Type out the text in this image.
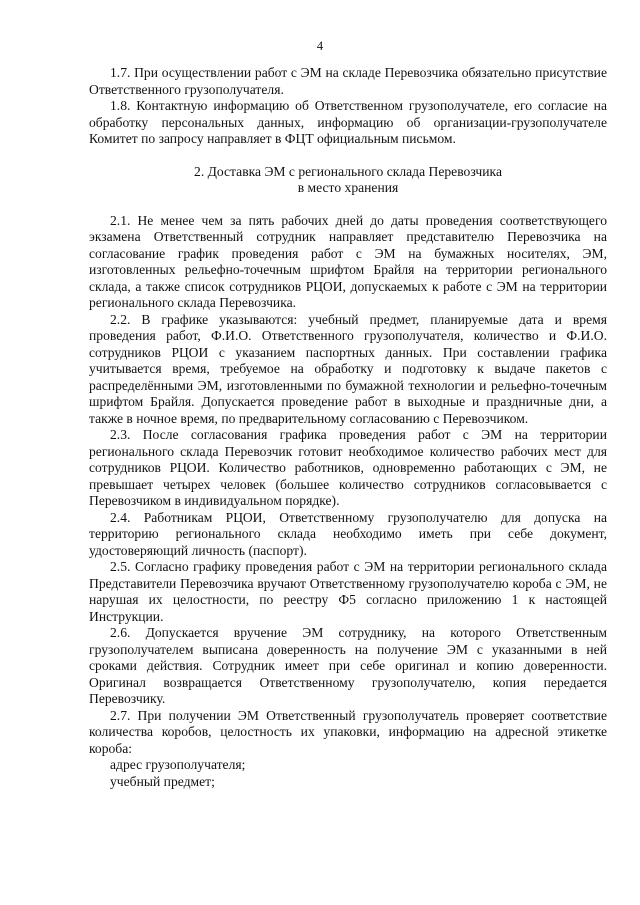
4

1.7. При осуществлении работ с ЭМ на складе Перевозчика обязательно присутствие Ответственного грузополучателя.

1.8. Контактную информацию об Ответственном грузополучателе, его согласие на обработку персональных данных, информацию об организации-грузополучателе Комитет по запросу направляет в ФЦТ официальным письмом.

2. Доставка ЭМ с регионального склада Перевозчика
в место хранения

2.1. Не менее чем за пять рабочих дней до даты проведения соответствующего экзамена Ответственный сотрудник направляет представителю Перевозчика на согласование график проведения работ с ЭМ на бумажных носителях, ЭМ, изготовленных рельефно-точечным шрифтом Брайля на территории регионального склада, а также список сотрудников РЦОИ, допускаемых к работе с ЭМ на территории регионального склада Перевозчика.

2.2. В графике указываются: учебный предмет, планируемые дата и время проведения работ, Ф.И.О. Ответственного грузополучателя, количество и Ф.И.О. сотрудников РЦОИ с указанием паспортных данных. При составлении графика учитывается время, требуемое на обработку и подготовку к выдаче пакетов с распределёнными ЭМ, изготовленными по бумажной технологии и рельефно-точечным шрифтом Брайля. Допускается проведение работ в выходные и праздничные дни, а также в ночное время, по предварительному согласованию с Перевозчиком.

2.3. После согласования графика проведения работ с ЭМ на территории регионального склада Перевозчик готовит необходимое количество рабочих мест для сотрудников РЦОИ. Количество работников, одновременно работающих с ЭМ, не превышает четырех человек (большее количество сотрудников согласовывается с Перевозчиком в индивидуальном порядке).

2.4. Работникам РЦОИ, Ответственному грузополучателю для допуска на территорию регионального склада необходимо иметь при себе документ, удостоверяющий личность (паспорт).

2.5. Согласно графику проведения работ с ЭМ на территории регионального склада Представители Перевозчика вручают Ответственному грузополучателю короба с ЭМ, не нарушая их целостности, по реестру Ф5 согласно приложению 1 к настоящей Инструкции.

2.6. Допускается вручение ЭМ сотруднику, на которого Ответственным грузополучателем выписана доверенность на получение ЭМ с указанными в ней сроками действия. Сотрудник имеет при себе оригинал и копию доверенности. Оригинал возвращается Ответственному грузополучателю, копия передается Перевозчику.

2.7. При получении ЭМ Ответственный грузополучатель проверяет соответствие количества коробов, целостность их упаковки, информацию на адресной этикетке короба:

адрес грузополучателя;

учебный предмет;
